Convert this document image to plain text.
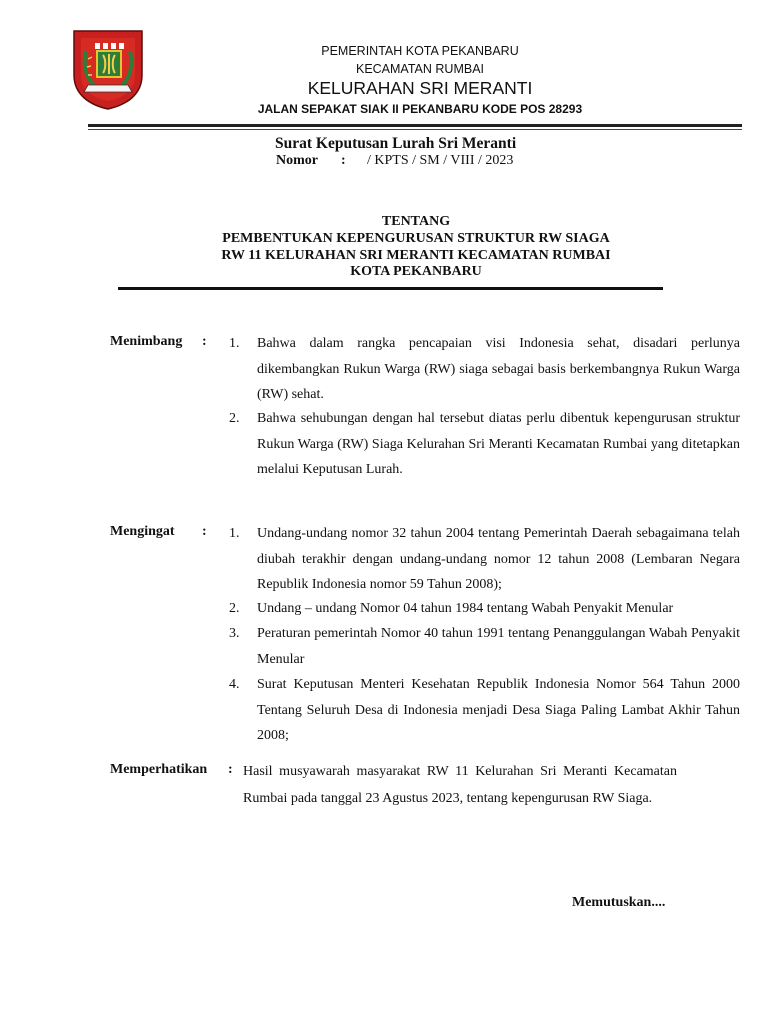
PEMERINTAH KOTA PEKANBARU
KECAMATAN RUMBAI
KELURAHAN SRI MERANTI
JALAN SEPAKAT SIAK II PEKANBARU KODE POS 28293
Surat Keputusan Lurah Sri Meranti
Nomor : / KPTS / SM / VIII / 2023
TENTANG
PEMBENTUKAN KEPENGURUSAN STRUKTUR RW SIAGA
RW 11 KELURAHAN SRI MERANTI KECAMATAN RUMBAI
KOTA PEKANBARU
Menimbang : 1. Bahwa dalam rangka pencapaian visi Indonesia sehat, disadari perlunya dikembangkan Rukun Warga (RW) siaga sebagai basis berkembangnya Rukun Warga (RW) sehat.
2. Bahwa sehubungan dengan hal tersebut diatas perlu dibentuk kepengurusan struktur Rukun Warga (RW) Siaga Kelurahan Sri Meranti Kecamatan Rumbai yang ditetapkan melalui Keputusan Lurah.
Mengingat : 1. Undang-undang nomor 32 tahun 2004 tentang Pemerintah Daerah sebagaimana telah diubah terakhir dengan undang-undang nomor 12 tahun 2008 (Lembaran Negara Republik Indonesia nomor 59 Tahun 2008);
2. Undang – undang Nomor 04 tahun 1984 tentang Wabah Penyakit Menular
3. Peraturan pemerintah Nomor 40 tahun 1991 tentang Penanggulangan Wabah Penyakit Menular
4. Surat Keputusan Menteri Kesehatan Republik Indonesia Nomor 564 Tahun 2000 Tentang Seluruh Desa di Indonesia menjadi Desa Siaga Paling Lambat Akhir Tahun 2008;
Memperhatikan : Hasil musyawarah masyarakat RW 11 Kelurahan Sri Meranti Kecamatan Rumbai pada tanggal 23 Agustus 2023, tentang kepengurusan RW Siaga.
Memutuskan....
